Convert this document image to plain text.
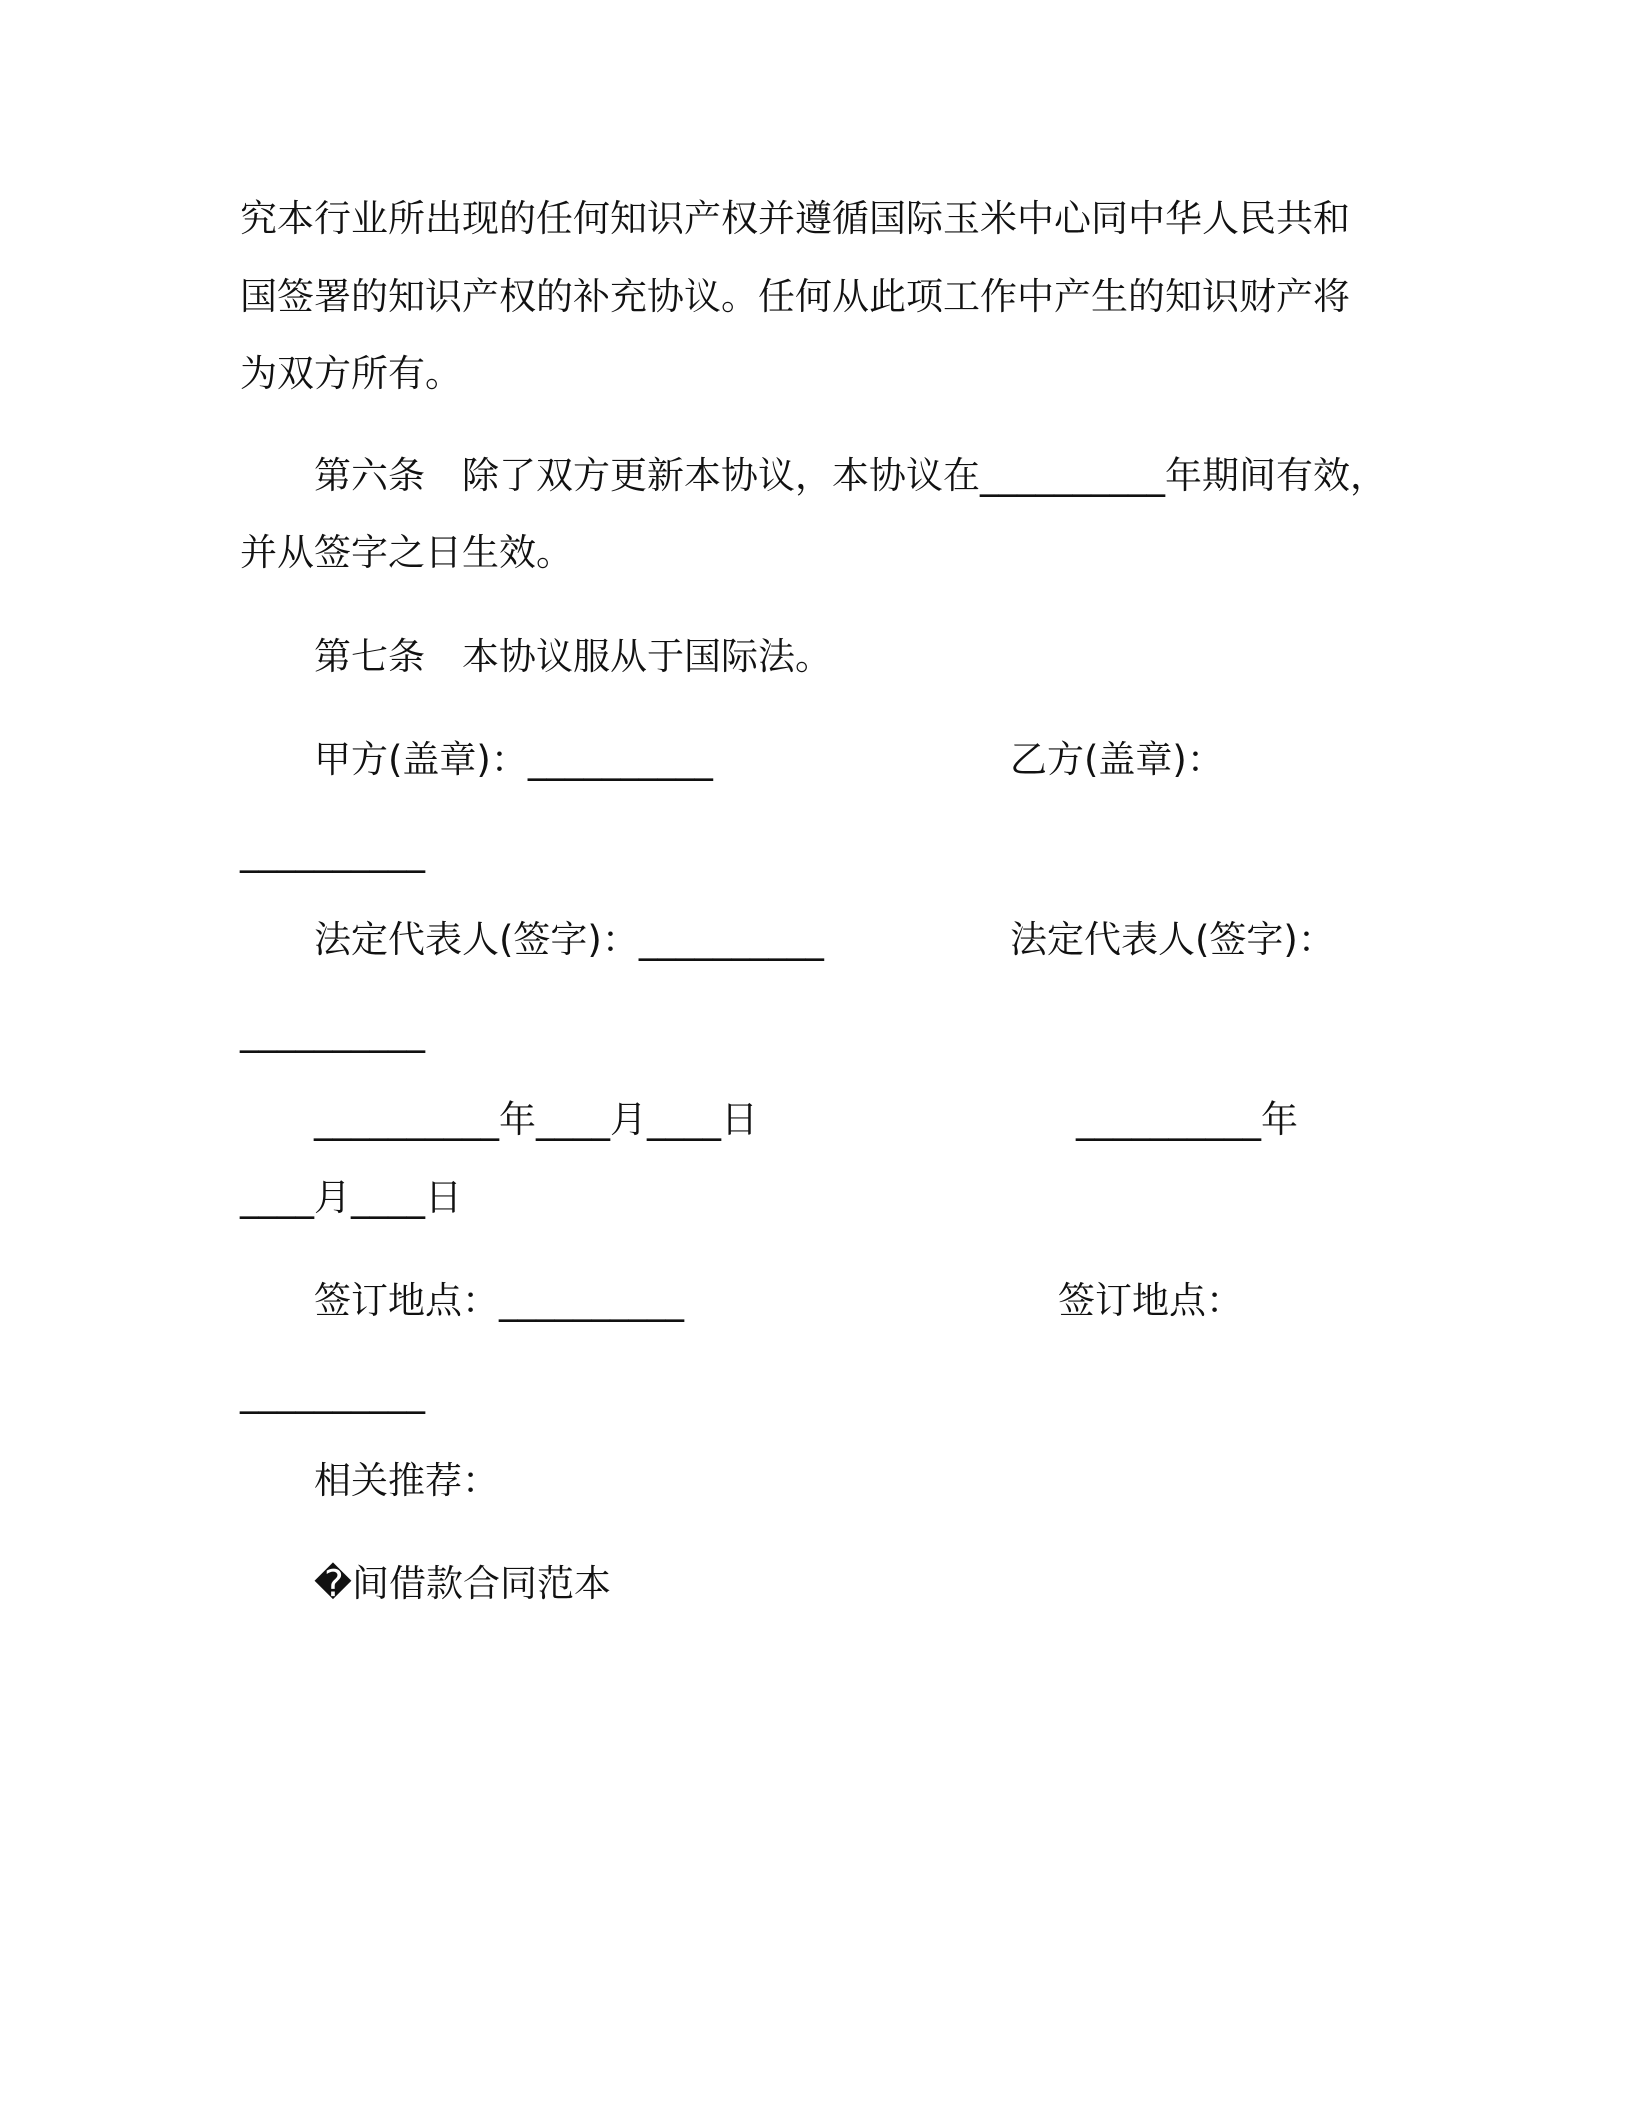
究本行业所出现的任何知识产权并遵循国际玉米中心同中华人民共和
国签署的知识产权的补充协议。任何从此项工作中产生的知识财产将
为双方所有。
第六条　除了双方更新本协议，本协议在__________年期间有效，
并从签字之日生效。
第七条　本协议服从于国际法。
甲方(盖章)：__________	乙方(盖章)：
__________
法定代表人(签字)：__________	法定代表人(签字)：
__________
__________年____月____日	__________年
____月____日
签订地点：__________	签订地点：
__________
相关推荐：
�间借款合同范本
